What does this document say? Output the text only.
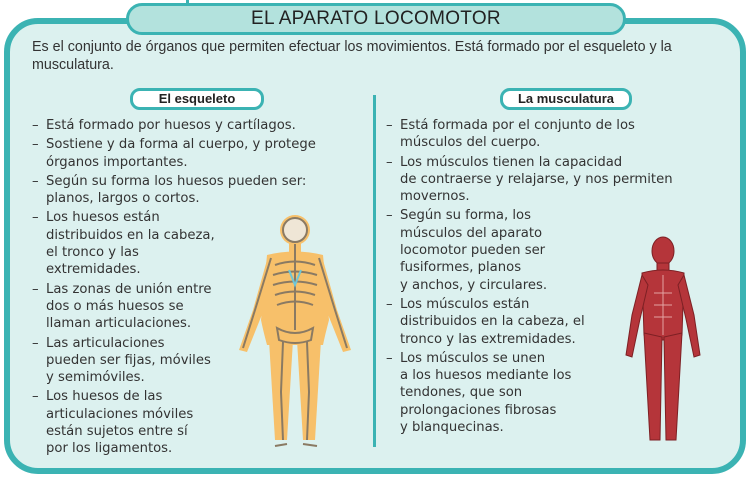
EL APARATO LOCOMOTOR
Es el conjunto de órganos que permiten efectuar los movimientos. Está formado por el esqueleto y la musculatura.
El esqueleto	La musculatura
– Está formado por huesos y cartílagos.
– Sostiene y da forma al cuerpo, y protege
órganos importantes.
– Según su forma los huesos pueden ser:
planos, largos o cortos.
– Los huesos están
distribuidos en la cabeza,
el tronco y las
extremidades.
– Las zonas de unión entre
dos o más huesos se
llaman articulaciones.
– Las articulaciones
pueden ser fijas, móviles
y semimóviles.
– Los huesos de las
articulaciones móviles
están sujetos entre sí
por los ligamentos.
– Está formada por el conjunto de los
músculos del cuerpo.
– Los músculos tienen la capacidad
de contraerse y relajarse, y nos permiten
movernos.
– Según su forma, los
músculos del aparato
locomotor pueden ser
fusiformes, planos
y anchos, y circulares.
– Los músculos están
distribuidos en la cabeza, el
tronco y las extremidades.
– Los músculos se unen
a los huesos mediante los
tendones, que son
prolongaciones fibrosas
y blanquecinas.
